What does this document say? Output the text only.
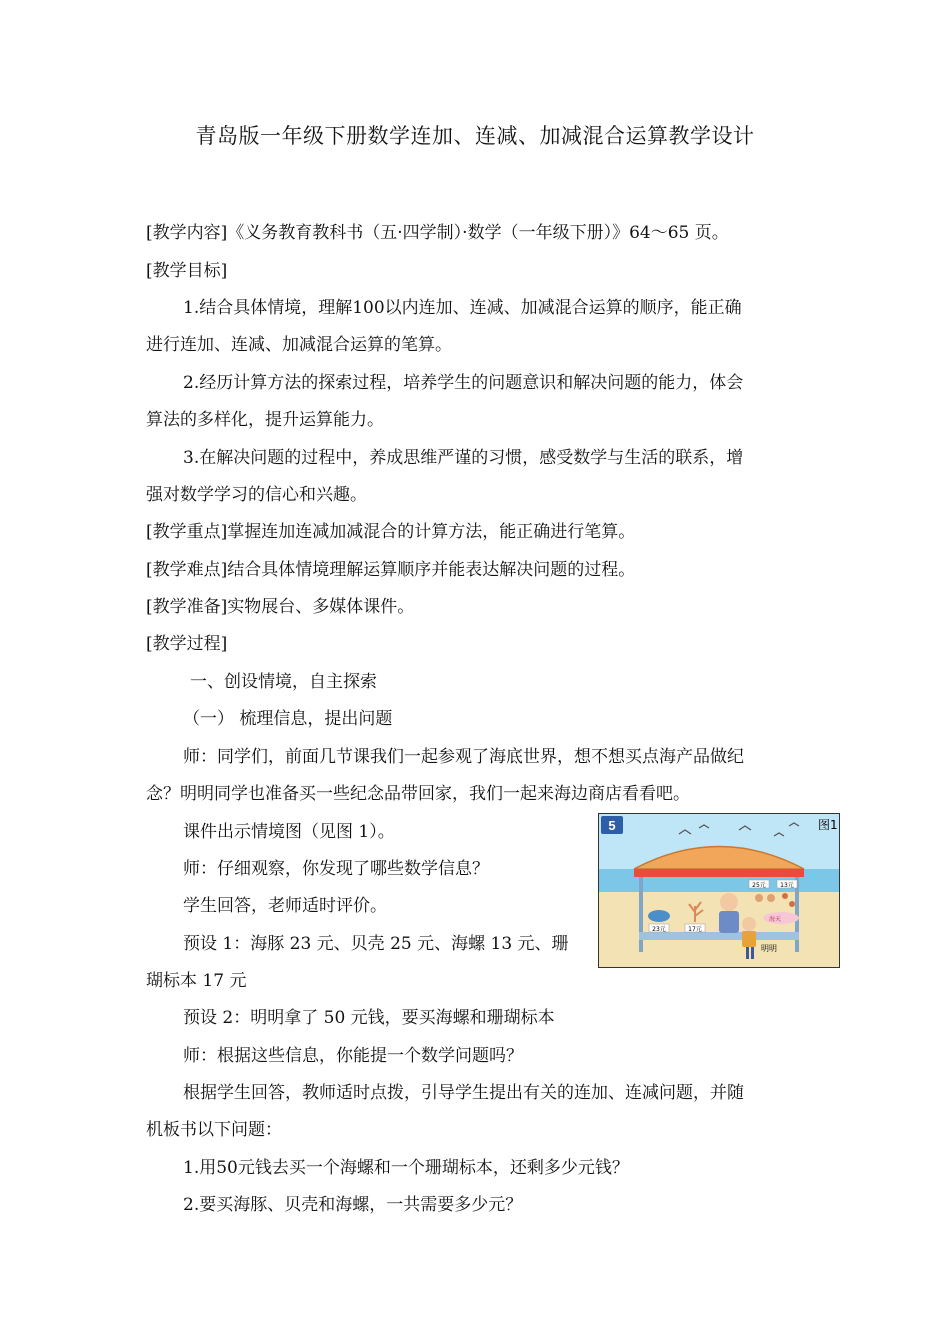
青岛版一年级下册数学连加、连减、加减混合运算教学设计
[教学内容]《义务教育教科书（五·四学制）·数学（一年级下册）》64～65 页。
[教学目标]
1.结合具体情境，理解100以内连加、连减、加减混合运算的顺序，能正确
进行连加、连减、加减混合运算的笔算。
2.经历计算方法的探索过程，培养学生的问题意识和解决问题的能力，体会
算法的多样化，提升运算能力。
3.在解决问题的过程中，养成思维严谨的习惯，感受数学与生活的联系，增
强对数学学习的信心和兴趣。
[教学重点]掌握连加连减加减混合的计算方法，能正确进行笔算。
[教学难点]结合具体情境理解运算顺序并能表达解决问题的过程。
[教学准备]实物展台、多媒体课件。
[教学过程]
一、创设情境，自主探索
（一） 梳理信息，提出问题
师：同学们，前面几节课我们一起参观了海底世界，想不想买点海产品做纪
念？明明同学也准备买一些纪念品带回家，我们一起来海边商店看看吧。
课件出示情境图（见图 1）。
师：仔细观察，你发现了哪些数学信息？
学生回答，老师适时评价。
预设 1：海豚 23 元、贝壳 25 元、海螺 13 元、珊
瑚标本 17 元
预设 2：明明拿了 50 元钱，要买海螺和珊瑚标本
师：根据这些信息，你能提一个数学问题吗？
根据学生回答，教师适时点拨，引导学生提出有关的连加、连减问题，并随
机板书以下问题：
1.用50元钱去买一个海螺和一个珊瑚标本，还剩多少元钱？
2.要买海豚、贝壳和海螺，一共需要多少元？
5	图1
25元 13元
23元	17元
海天
明明
